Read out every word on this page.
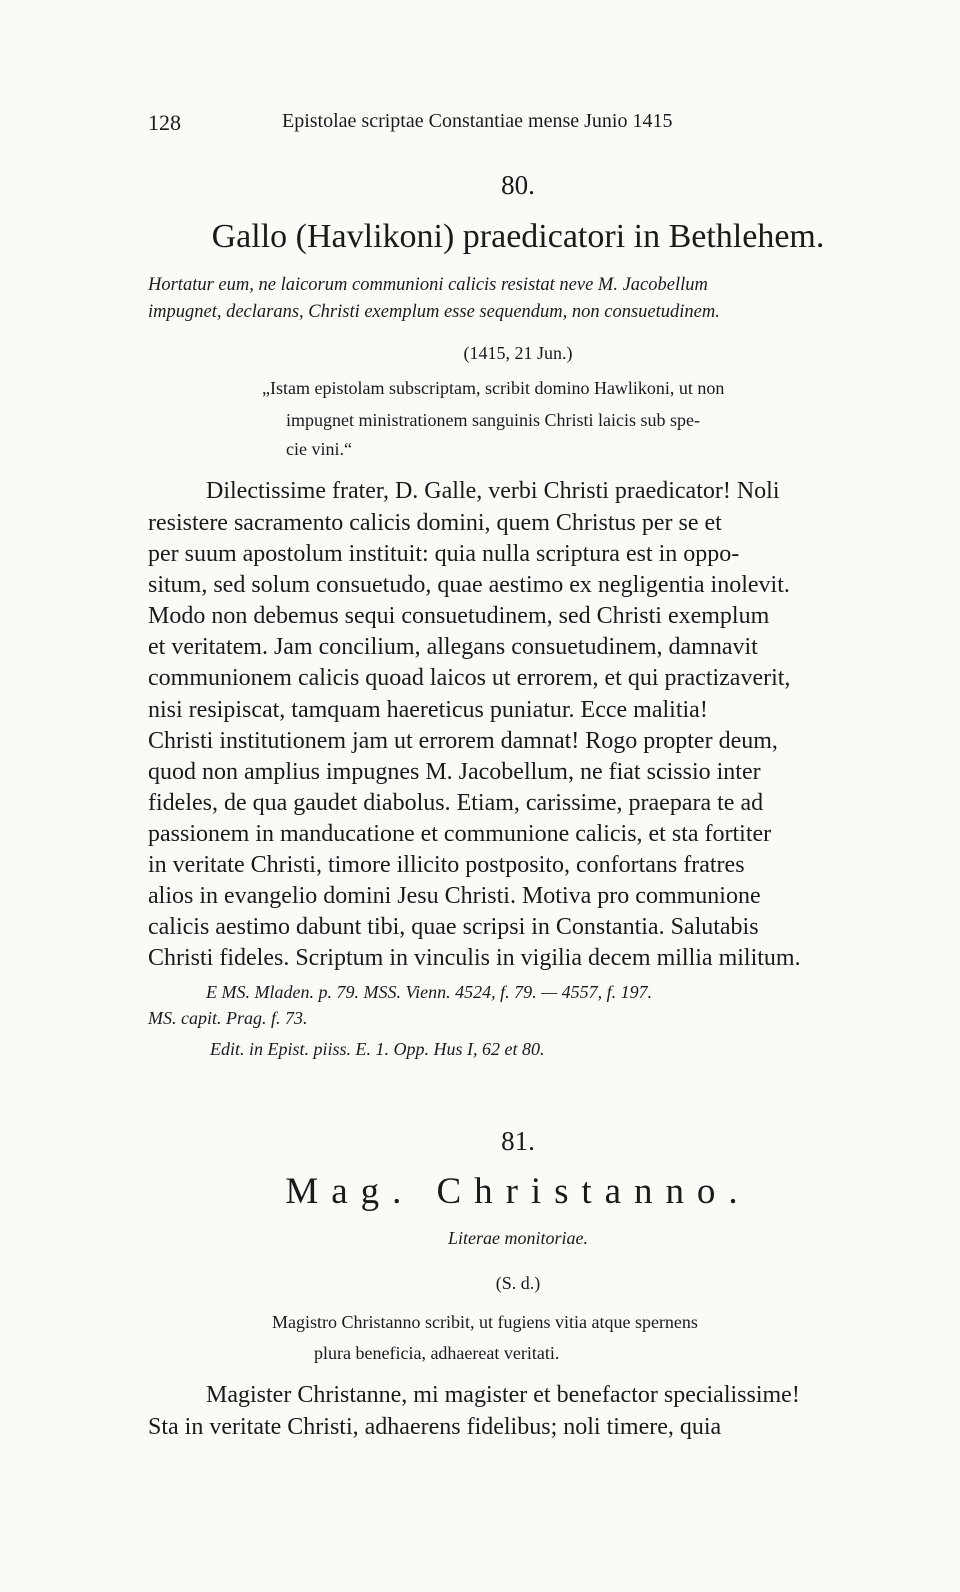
128	Epistolae scriptae Constantiae mense Junio 1415
80.
Gallo (Havlikoni) praedicatori in Bethlehem.
Hortatur eum, ne laicorum communioni calicis resistat neve M. Jacobellum
impugnet, declarans, Christi exemplum esse sequendum, non consuetudinem.
(1415, 21 Jun.)
„Istam epistolam subscriptam, scribit domino Hawlikoni, ut non
impugnet ministrationem sanguinis Christi laicis sub spe-
cie vini.“
Dilectissime frater, D. Galle, verbi Christi praedicator! Noli
resistere sacramento calicis domini, quem Christus per se et
per suum apostolum instituit: quia nulla scriptura est in oppo-
situm, sed solum consuetudo, quae aestimo ex negligentia inolevit.
Modo non debemus sequi consuetudinem, sed Christi exemplum
et veritatem. Jam concilium, allegans consuetudinem, damnavit
communionem calicis quoad laicos ut errorem, et qui practizaverit,
nisi resipiscat, tamquam haereticus puniatur. Ecce malitia!
Christi institutionem jam ut errorem damnat! Rogo propter deum,
quod non amplius impugnes M. Jacobellum, ne fiat scissio inter
fideles, de qua gaudet diabolus. Etiam, carissime, praepara te ad
passionem in manducatione et communione calicis, et sta fortiter
in veritate Christi, timore illicito postposito, confortans fratres
alios in evangelio domini Jesu Christi. Motiva pro communione
calicis aestimo dabunt tibi, quae scripsi in Constantia. Salutabis
Christi fideles. Scriptum in vinculis in vigilia decem millia militum.
E MS. Mladen. p. 79. MSS. Vienn. 4524, f. 79. — 4557, f. 197.
MS. capit. Prag. f. 73.
Edit. in Epist. piiss. E. 1. Opp. Hus I, 62 et 80.
81.
Mag. Christanno.
Literae monitoriae.
(S. d.)
Magistro Christanno scribit, ut fugiens vitia atque spernens
plura beneficia, adhaereat veritati.
Magister Christanne, mi magister et benefactor specialissime!
Sta in veritate Christi, adhaerens fidelibus; noli timere, quia
